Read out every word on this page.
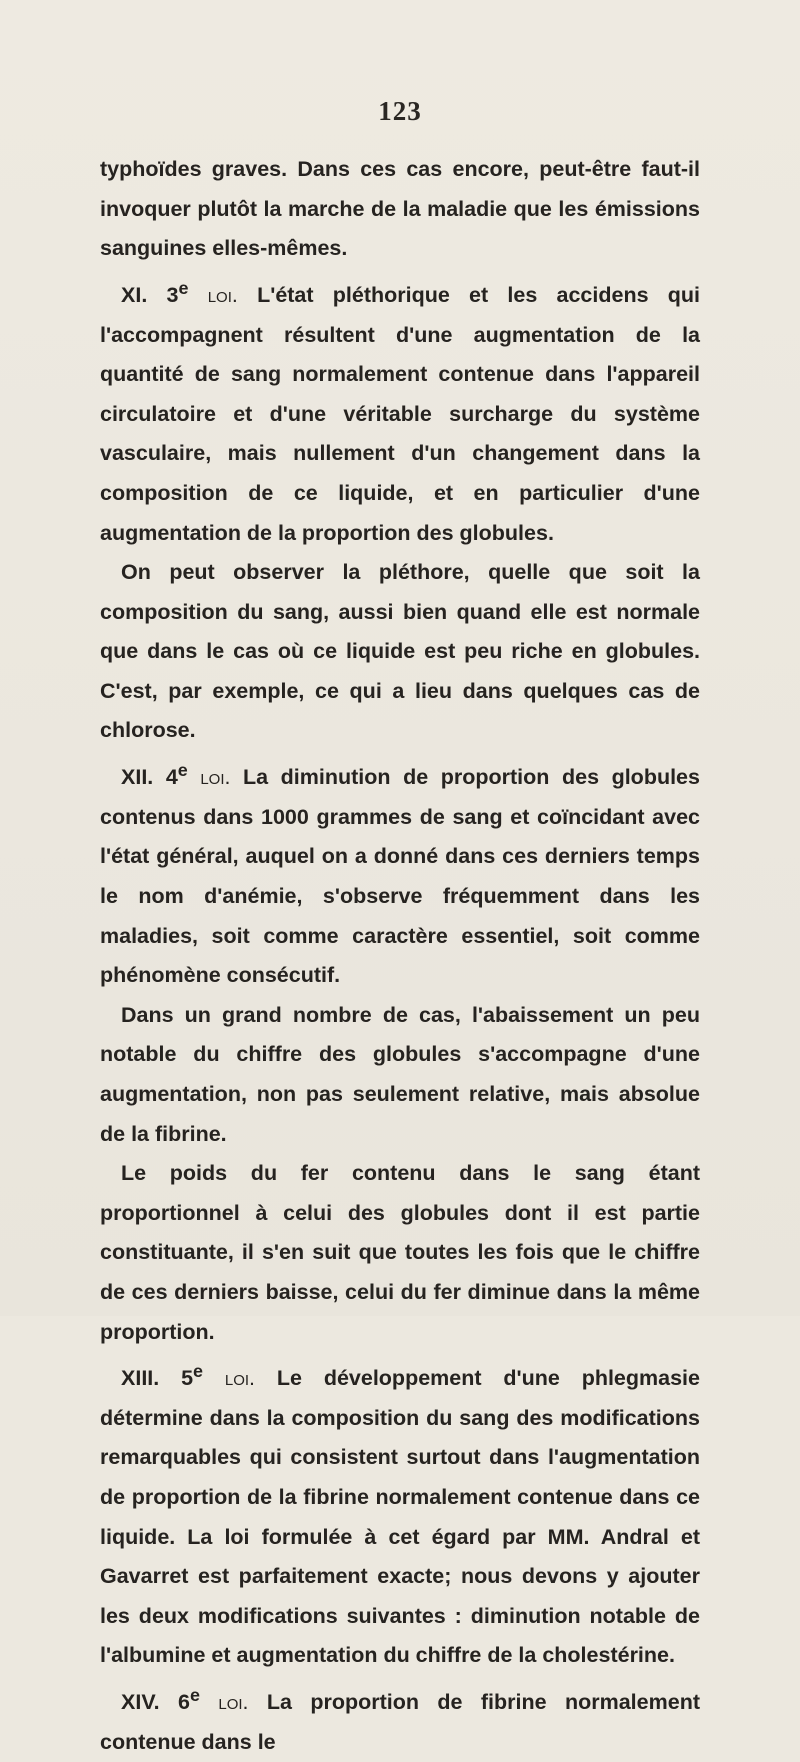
123

typhoïdes graves. Dans ces cas encore, peut-être faut-il invoquer plutôt la marche de la maladie que les émissions sanguines elles-mêmes.

XI. 3e loi. L'état pléthorique et les accidens qui l'accompagnent résultent d'une augmentation de la quantité de sang normalement contenue dans l'appareil circulatoire et d'une véritable surcharge du système vasculaire, mais nullement d'un changement dans la composition de ce liquide, et en particulier d'une augmentation de la proportion des globules.

On peut observer la pléthore, quelle que soit la composition du sang, aussi bien quand elle est normale que dans le cas où ce liquide est peu riche en globules. C'est, par exemple, ce qui a lieu dans quelques cas de chlorose.

XII. 4e loi. La diminution de proportion des globules contenus dans 1000 grammes de sang et coïncidant avec l'état général, auquel on a donné dans ces derniers temps le nom d'anémie, s'observe fréquemment dans les maladies, soit comme caractère essentiel, soit comme phénomène consécutif.

Dans un grand nombre de cas, l'abaissement un peu notable du chiffre des globules s'accompagne d'une augmentation, non pas seulement relative, mais absolue de la fibrine.

Le poids du fer contenu dans le sang étant proportionnel à celui des globules dont il est partie constituante, il s'en suit que toutes les fois que le chiffre de ces derniers baisse, celui du fer diminue dans la même proportion.

XIII. 5e loi. Le développement d'une phlegmasie détermine dans la composition du sang des modifications remarquables qui consistent surtout dans l'augmentation de proportion de la fibrine normalement contenue dans ce liquide. La loi formulée à cet égard par MM. Andral et Gavarret est parfaitement exacte; nous devons y ajouter les deux modifications suivantes : diminution notable de l'albumine et augmentation du chiffre de la cholestérine.

XIV. 6e loi. La proportion de fibrine normalement contenue dans le
